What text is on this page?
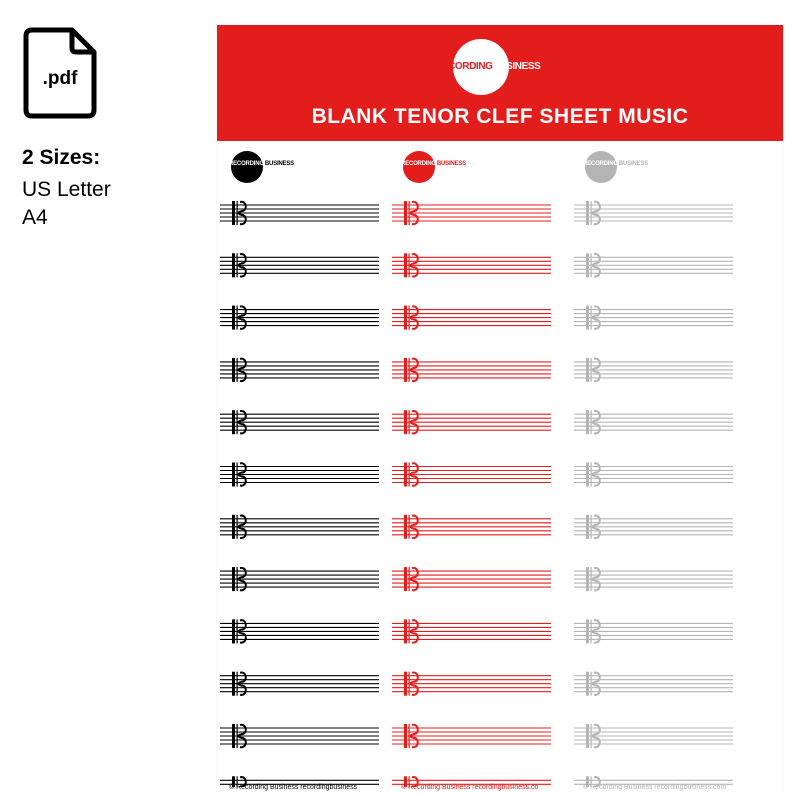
.pdf
2 Sizes:
US Letter
A4
RECORDINGBUSINESS
BLANK TENOR CLEF SHEET MUSIC
RECORDINGBUSINESS
© Recording Business recordingbusiness
RECORDINGBUSINESS
© Recording Business recordingbusiness.co
RECORDINGBUSINESS
© Recording Business recordingbusiness.com
